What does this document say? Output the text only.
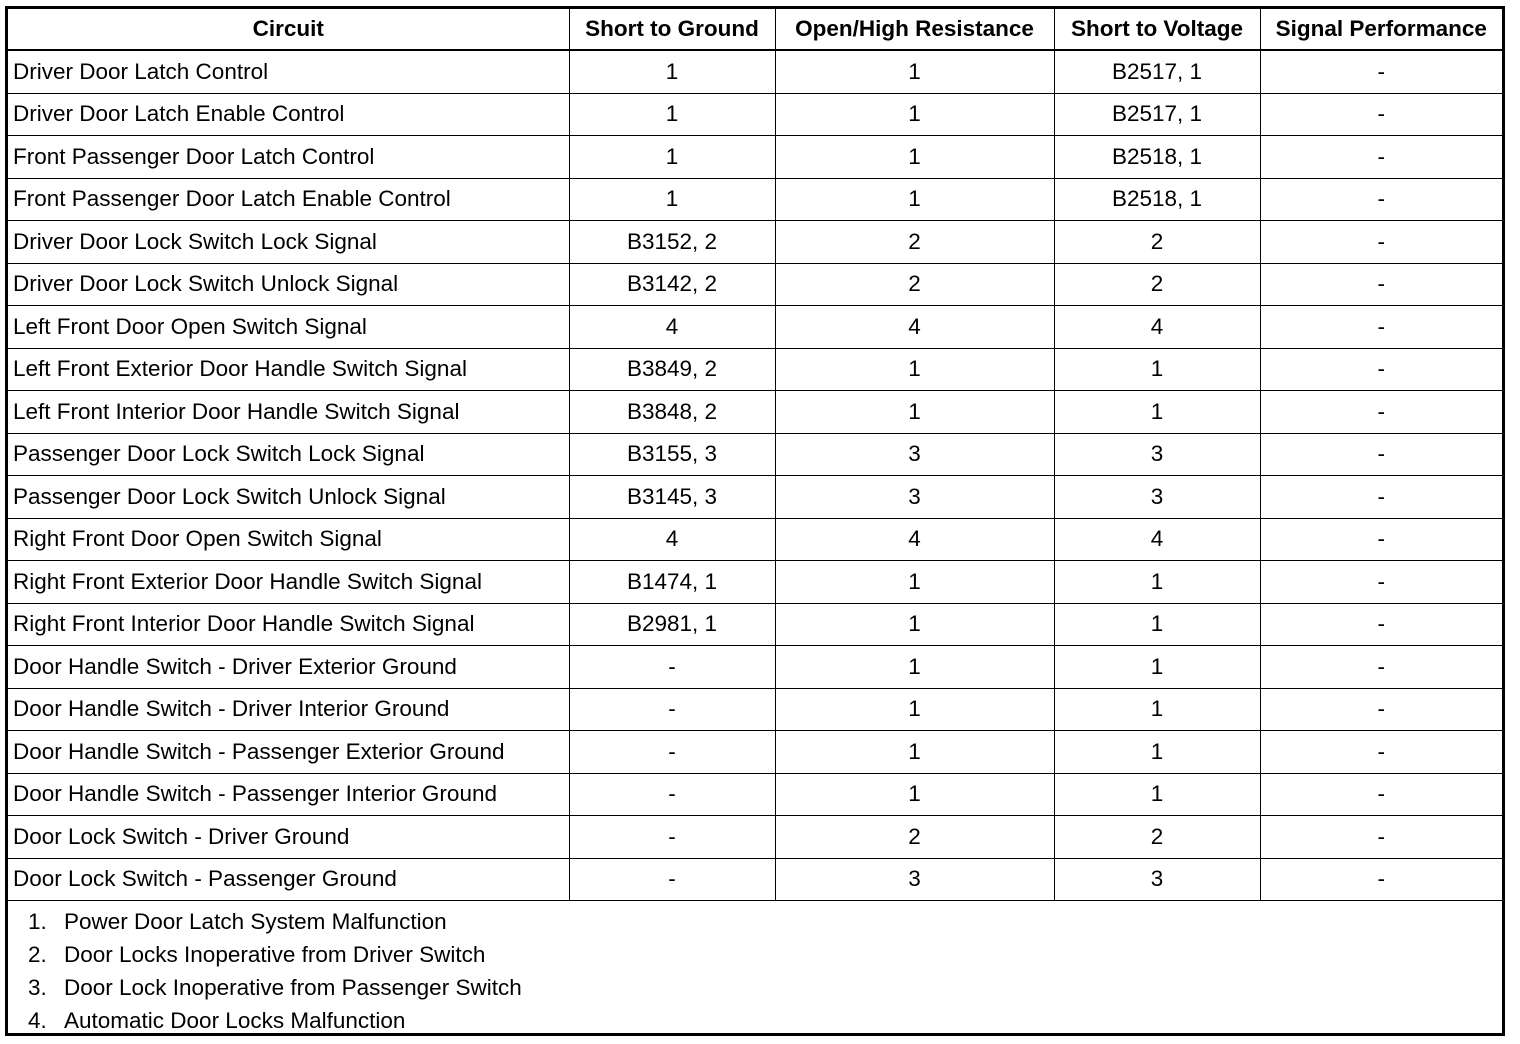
Circuit	Short to Ground	Open/High Resistance	Short to Voltage	Signal Performance
Driver Door Latch Control	1	1	B2517, 1	-
Driver Door Latch Enable Control	1	1	B2517, 1	-
Front Passenger Door Latch Control	1	1	B2518, 1	-
Front Passenger Door Latch Enable Control	1	1	B2518, 1	-
Driver Door Lock Switch Lock Signal	B3152, 2	2	2	-
Driver Door Lock Switch Unlock Signal	B3142, 2	2	2	-
Left Front Door Open Switch Signal	4	4	4	-
Left Front Exterior Door Handle Switch Signal	B3849, 2	1	1	-
Left Front Interior Door Handle Switch Signal	B3848, 2	1	1	-
Passenger Door Lock Switch Lock Signal	B3155, 3	3	3	-
Passenger Door Lock Switch Unlock Signal	B3145, 3	3	3	-
Right Front Door Open Switch Signal	4	4	4	-
Right Front Exterior Door Handle Switch Signal	B1474, 1	1	1	-
Right Front Interior Door Handle Switch Signal	B2981, 1	1	1	-
Door Handle Switch - Driver Exterior Ground	-	1	1	-
Door Handle Switch - Driver Interior Ground	-	1	1	-
Door Handle Switch - Passenger Exterior Ground	-	1	1	-
Door Handle Switch - Passenger Interior Ground	-	1	1	-
Door Lock Switch - Driver Ground	-	2	2	-
Door Lock Switch - Passenger Ground	-	3	3	-
1. Power Door Latch System Malfunction
2. Door Locks Inoperative from Driver Switch
3. Door Lock Inoperative from Passenger Switch
4. Automatic Door Locks Malfunction
